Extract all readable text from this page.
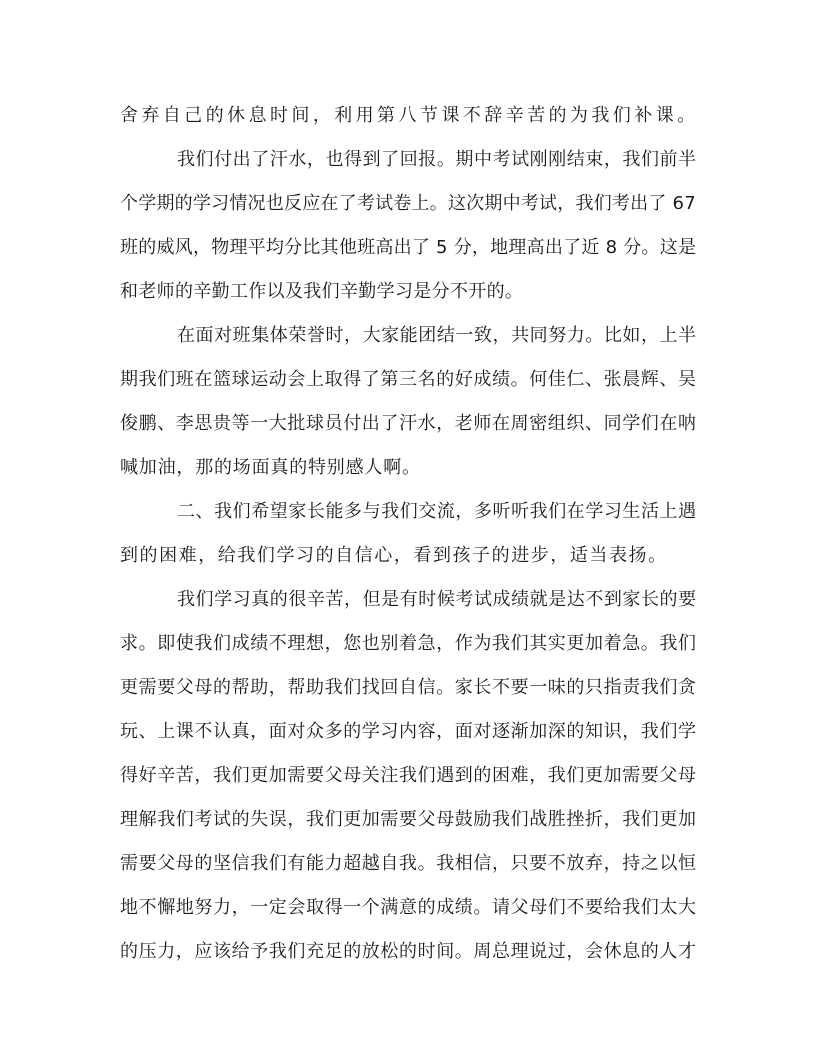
舍弃自己的休息时间，利用第八节课不辞辛苦的为我们补课。
我们付出了汗水，也得到了回报。期中考试刚刚结束，我们前半
个学期的学习情况也反应在了考试卷上。这次期中考试，我们考出了 67
班的威风，物理平均分比其他班高出了 5 分，地理高出了近 8 分。这是
和老师的辛勤工作以及我们辛勤学习是分不开的。
在面对班集体荣誉时，大家能团结一致，共同努力。比如，上半
期我们班在篮球运动会上取得了第三名的好成绩。何佳仁、张晨辉、吴
俊鹏、李思贵等一大批球员付出了汗水，老师在周密组织、同学们在呐
喊加油，那的场面真的特别感人啊。
二、我们希望家长能多与我们交流，多听听我们在学习生活上遇
到的困难，给我们学习的自信心，看到孩子的进步，适当表扬。
我们学习真的很辛苦，但是有时候考试成绩就是达不到家长的要
求。即使我们成绩不理想，您也别着急，作为我们其实更加着急。我们
更需要父母的帮助，帮助我们找回自信。家长不要一味的只指责我们贪
玩、上课不认真，面对众多的学习内容，面对逐渐加深的知识，我们学
得好辛苦，我们更加需要父母关注我们遇到的困难，我们更加需要父母
理解我们考试的失误，我们更加需要父母鼓励我们战胜挫折，我们更加
需要父母的坚信我们有能力超越自我。我相信，只要不放弃，持之以恒
地不懈地努力，一定会取得一个满意的成绩。请父母们不要给我们太大
的压力，应该给予我们充足的放松的时间。周总理说过，会休息的人才
